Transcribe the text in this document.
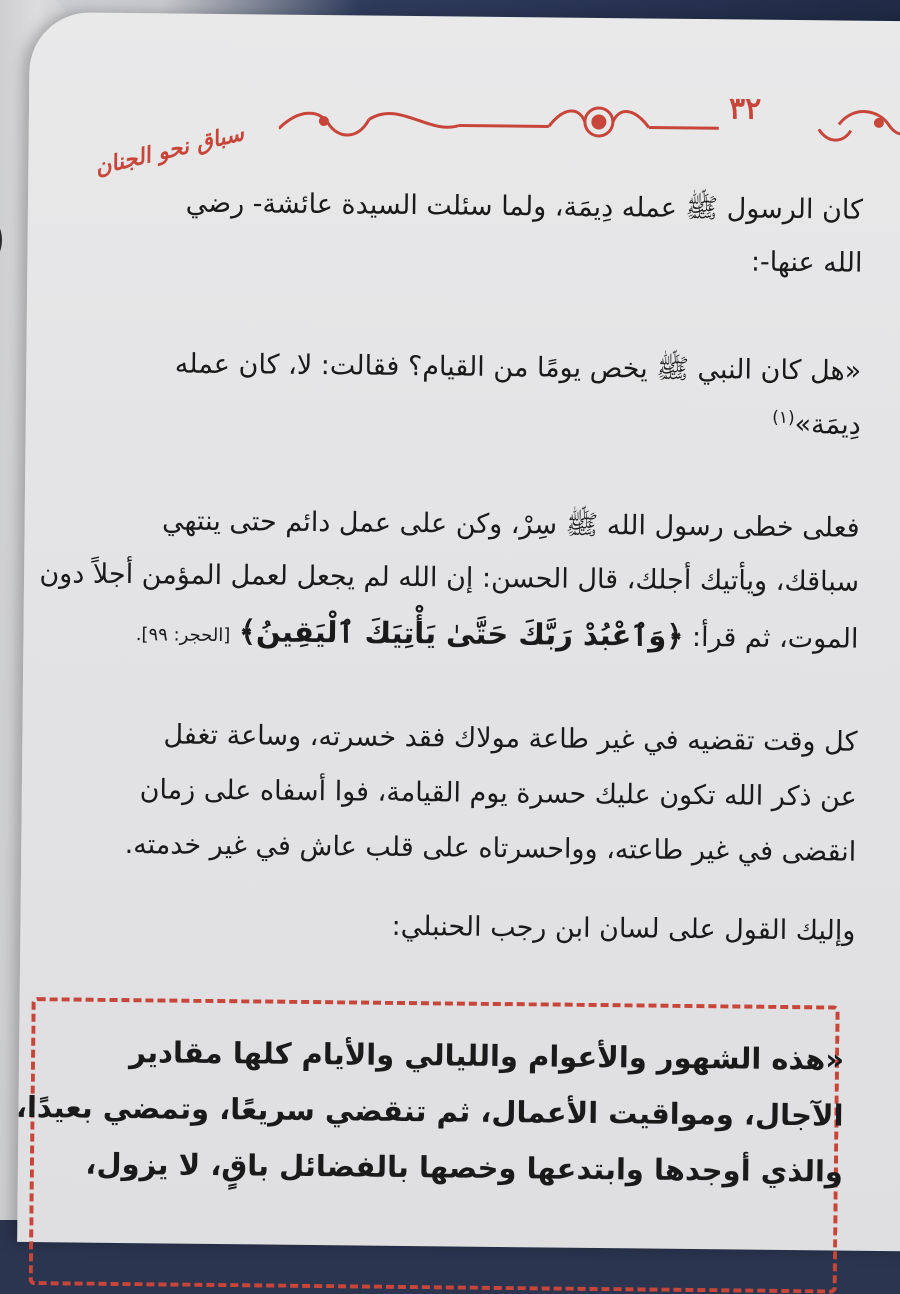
٣٢
سباق نحو الجنان
كان الرسول ﷺ عمله دِيمَة، ولما سئلت السيدة عائشة- رضي
الله عنها-:
«هل كان النبي ﷺ يخص يومًا من القيام؟ فقالت: لا، كان عمله
دِيمَة»$^{(١)}$
فعلى خطى رسول الله ﷺ سِرْ، وكن على عمل دائم حتى ينتهي
سباقك، ويأتيك أجلك، قال الحسن: إن الله لم يجعل لعمل المؤمن أجلاً دون
الموت، ثم قرأ: ﴿وَٱعْبُدْ رَبَّكَ حَتَّىٰ يَأْتِيَكَ ٱلْيَقِينُ﴾ [الحجر: ٩٩].
كل وقت تقضيه في غير طاعة مولاك فقد خسرته، وساعة تغفل
عن ذكر الله تكون عليك حسرة يوم القيامة، فوا أسفاه على زمان
انقضى في غير طاعته، وواحسرتاه على قلب عاش في غير خدمته.
وإليك القول على لسان ابن رجب الحنبلي:
«هذه الشهور والأعوام والليالي والأيام كلها مقادير
الآجال، ومواقيت الأعمال، ثم تنقضي سريعًا، وتمضي بعيدًا،
والذي أوجدها وابتدعها وخصها بالفضائل باقٍ، لا يزول،
